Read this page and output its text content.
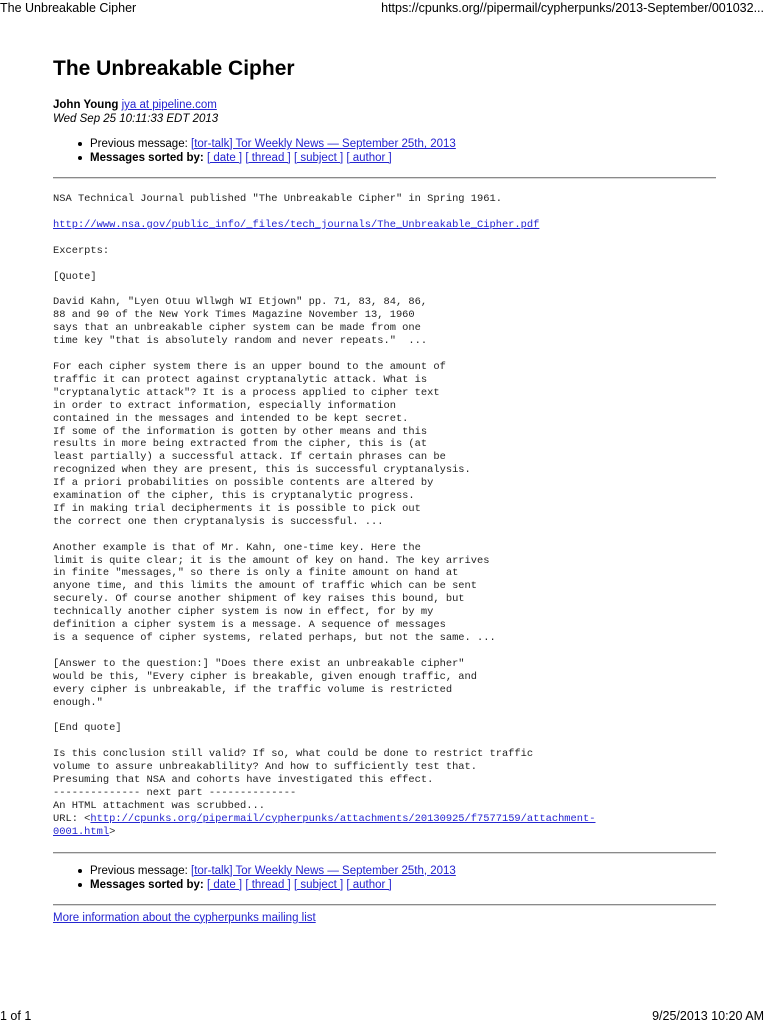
The Unbreakable Cipher	https://cpunks.org//pipermail/cypherpunks/2013-September/001032...
The Unbreakable Cipher
John Young jya at pipeline.com
Wed Sep 25 10:11:33 EDT 2013
Previous message: [tor-talk] Tor Weekly News — September 25th, 2013
Messages sorted by: [ date ] [ thread ] [ subject ] [ author ]
NSA Technical Journal published "The Unbreakable Cipher" in Spring 1961.
http://www.nsa.gov/public_info/_files/tech_journals/The_Unbreakable_Cipher.pdf
Excerpts:

[Quote]

David Kahn, "Lyen Otuu Wllwgh WI Etjown" pp. 71, 83, 84, 86,
88 and 90 of the New York Times Magazine November 13, 1960
says that an unbreakable cipher system can be made from one
time key "that is absolutely random and never repeats."  ...

For each cipher system there is an upper bound to the amount of
traffic it can protect against cryptanalytic attack. What is
"cryptanalytic attack"? It is a process applied to cipher text
in order to extract information, especially information
contained in the messages and intended to be kept secret.
If some of the information is gotten by other means and this
results in more being extracted from the cipher, this is (at
least partially) a successful attack. If certain phrases can be
recognized when they are present, this is successful cryptanalysis.
If a priori probabilities on possible contents are altered by
examination of the cipher, this is cryptanalytic progress.
If in making trial decipherments it is possible to pick out
the correct one then cryptanalysis is successful. ...

Another example is that of Mr. Kahn, one-time key. Here the
limit is quite clear; it is the amount of key on hand. The key arrives
in finite "messages," so there is only a finite amount on hand at
anyone time, and this limits the amount of traffic which can be sent
securely. Of course another shipment of key raises this bound, but
technically another cipher system is now in effect, for by my
definition a cipher system is a message. A sequence of messages
is a sequence of cipher systems, related perhaps, but not the same. ...

[Answer to the question:] "Does there exist an unbreakable cipher"
would be this, "Every cipher is breakable, given enough traffic, and
every cipher is unbreakable, if the traffic volume is restricted
enough."

[End quote]

Is this conclusion still valid? If so, what could be done to restrict traffic
volume to assure unbreakablility? And how to sufficiently test that.
Presuming that NSA and cohorts have investigated this effect.
-------------- next part --------------
An HTML attachment was scrubbed...
URL: <http://cpunks.org/pipermail/cypherpunks/attachments/20130925/f7577159/attachment-
0001.html>
Previous message: [tor-talk] Tor Weekly News — September 25th, 2013
Messages sorted by: [ date ] [ thread ] [ subject ] [ author ]
More information about the cypherpunks mailing list
1 of 1	9/25/2013 10:20 AM
